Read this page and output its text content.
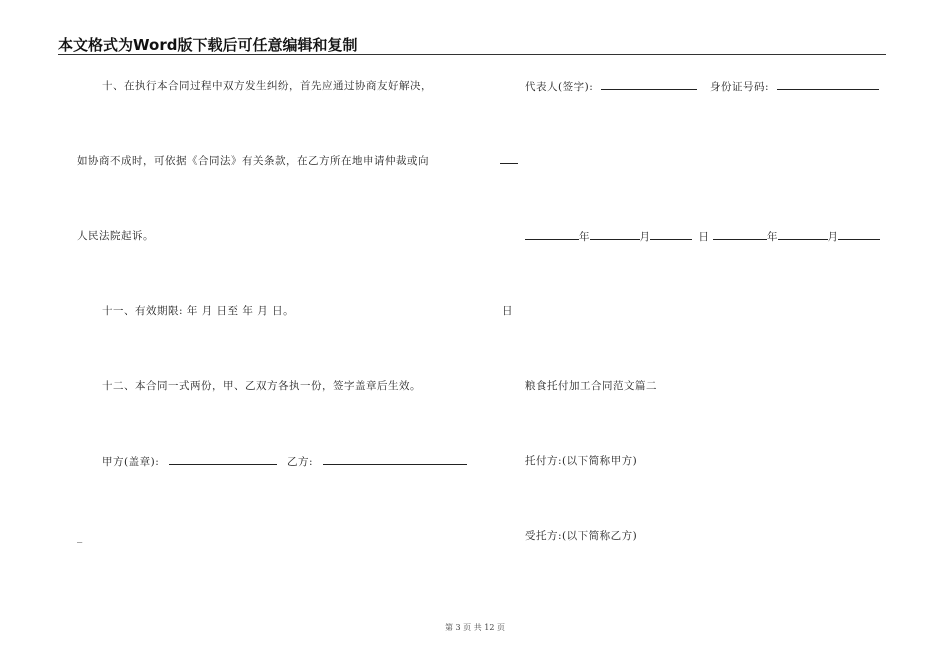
本文格式为Word版下载后可任意编辑和复制
十、在执行本合同过程中双方发生纠纷，首先应通过协商友好解决，
如协商不成时，可依据《合同法》有关条款，在乙方所在地申请仲裁或向
人民法院起诉。
十一、有效期限: 年 月 日至 年 月 日。
十二、本合同一式两份，甲、乙双方各执一份，签字盖章后生效。
甲方(盖章):	乙方:
_
代表人(签字):	身份证号码:
年	月	日	年	月
日
粮食托付加工合同范文篇二
托付方:(以下简称甲方)
受托方:(以下简称乙方)
第 3 页 共 12 页
